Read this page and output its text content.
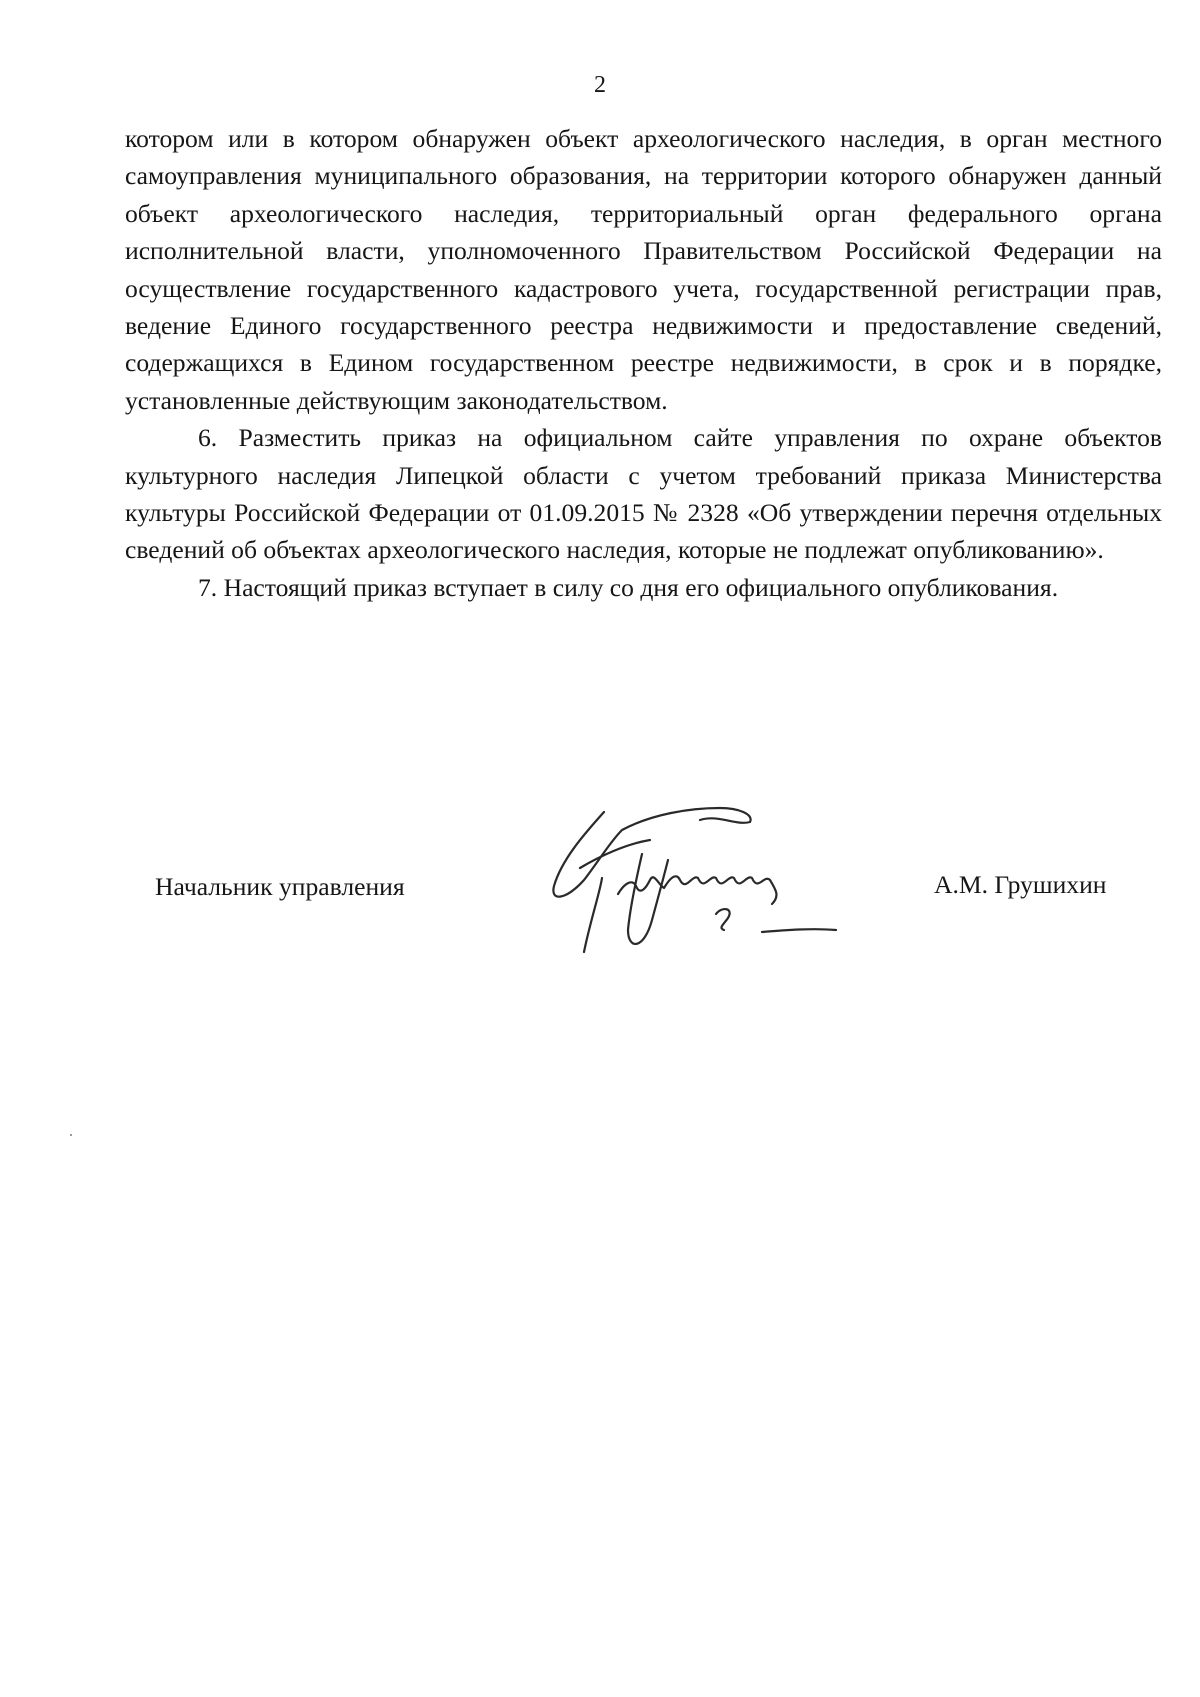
2

котором или в котором обнаружен объект археологического наследия, в орган местного самоуправления муниципального образования, на территории которого обнаружен данный объект археологического наследия, территориальный орган федерального органа исполнительной власти, уполномоченного Правительством Российской Федерации на осуществление государственного кадастрового учета, государственной регистрации прав, ведение Единого государственного реестра недвижимости и предоставление сведений, содержащихся в Едином государственном реестре недвижимости, в срок и в порядке, установленные действующим законодательством.

6. Разместить приказ на официальном сайте управления по охране объектов культурного наследия Липецкой области с учетом требований приказа Министерства культуры Российской Федерации от 01.09.2015 № 2328 «Об утверждении перечня отдельных сведений об объектах археологического наследия, которые не подлежат опубликованию».

7. Настоящий приказ вступает в силу со дня его официального опубликования.

Начальник управления	А.М. Грушихин
